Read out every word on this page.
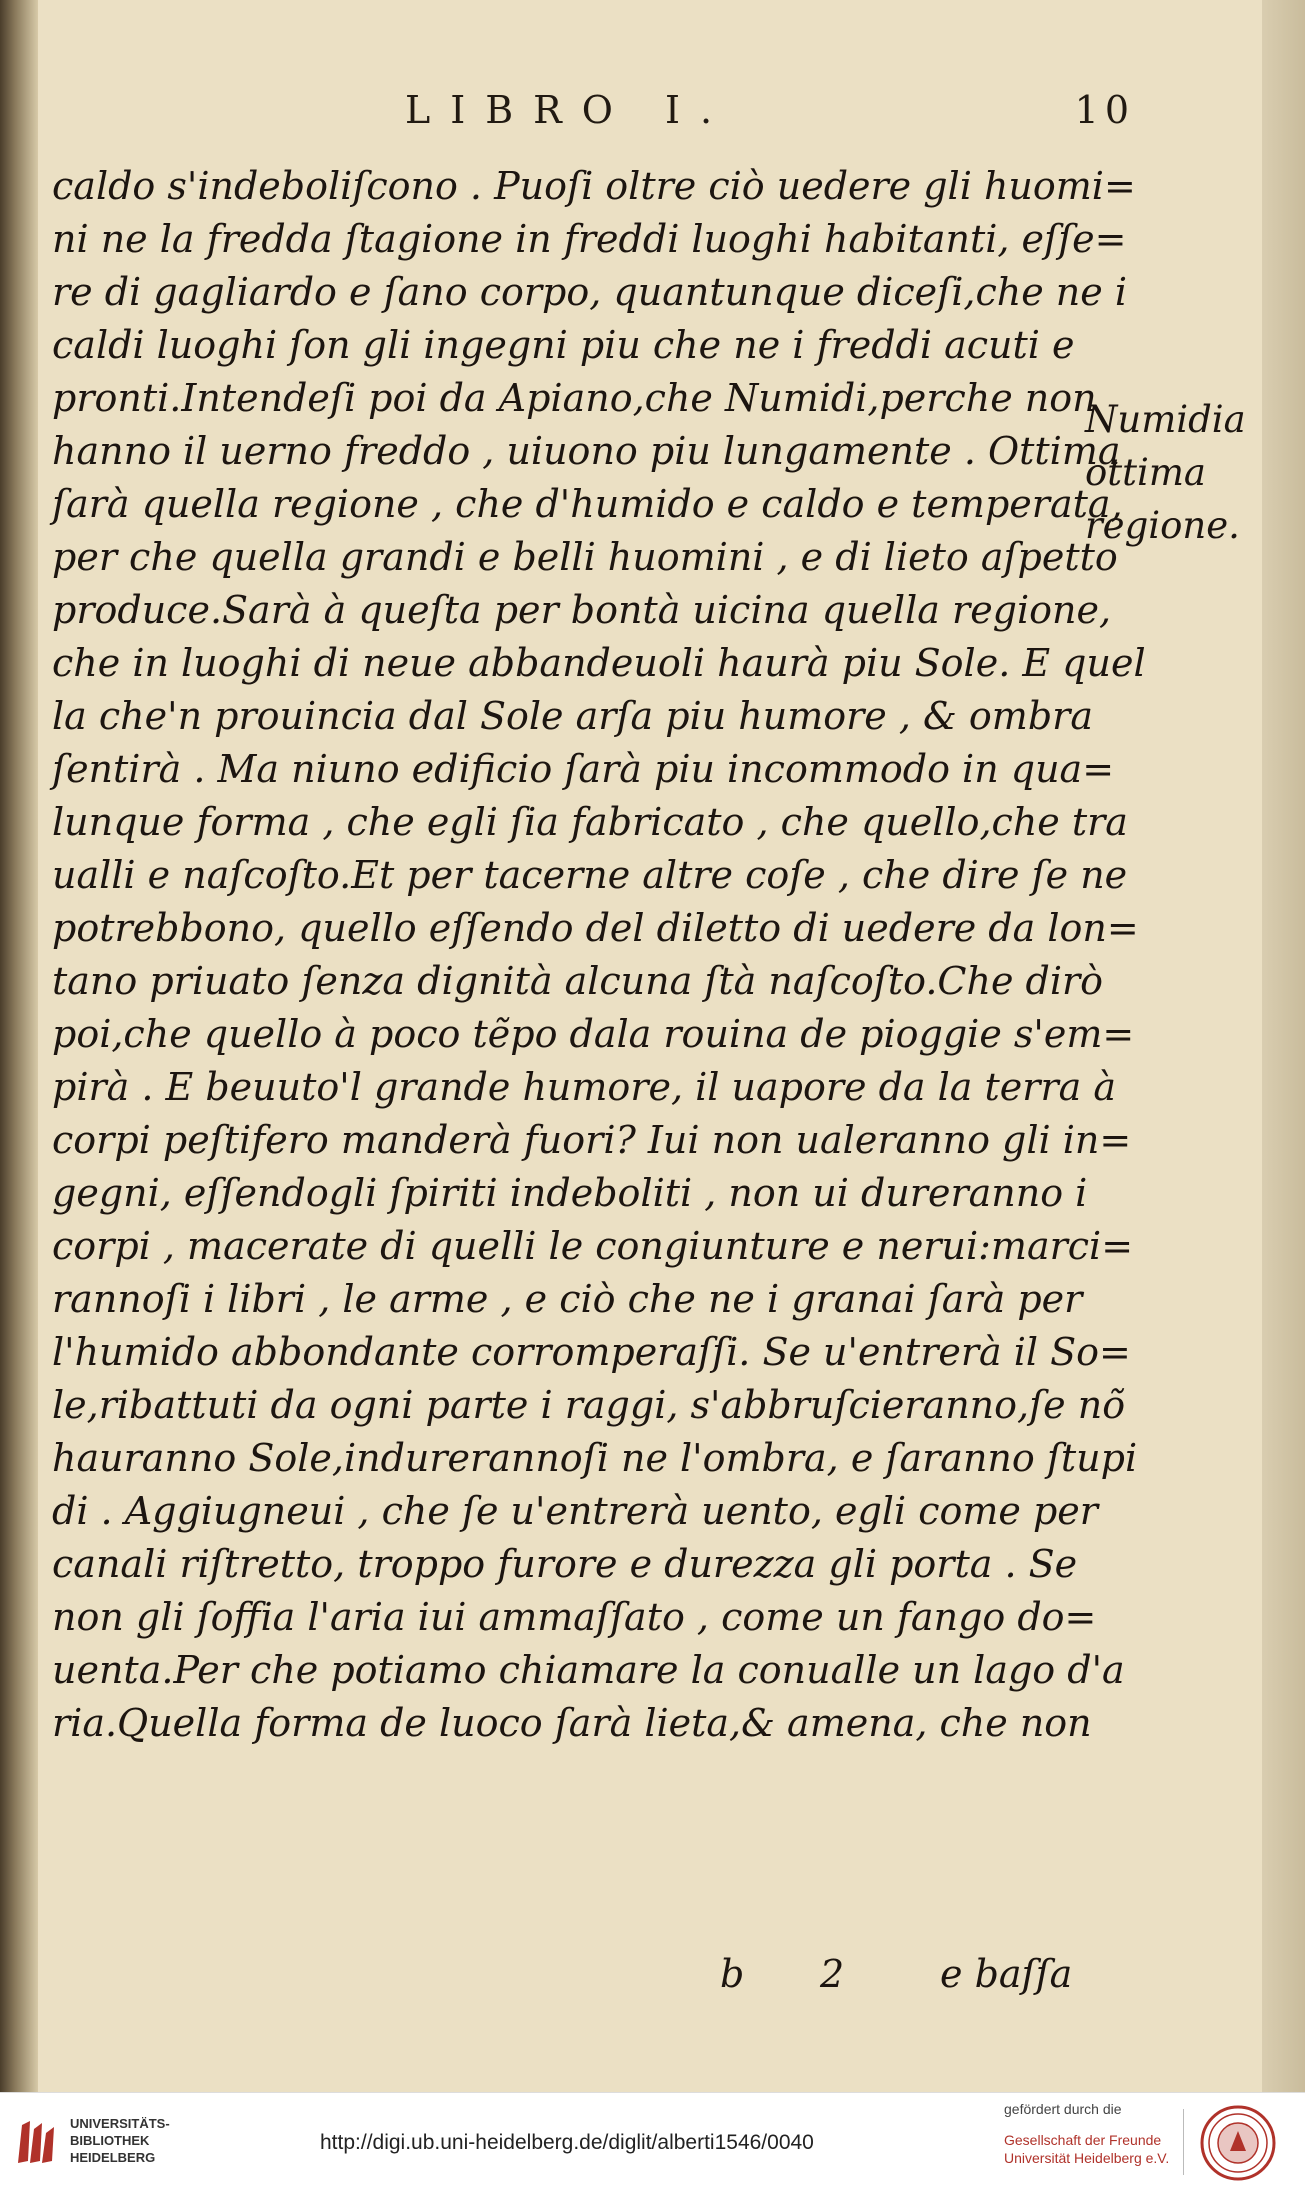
LIBRO I.	10
caldo s'indeboliſcono . Puoſi oltre ciò uedere gli huomi=
ni ne la fredda ſtagione in freddi luoghi habitanti, eſſe=
re di gagliardo e ſano corpo, quantunque diceſi,che ne i
caldi luoghi ſon gli ingegni piu che ne i freddi acuti e
pronti.Intendeſi poi da Apiano,che Numidi,perche non
hanno il uerno freddo , uiuono piu lungamente . Ottima
ſarà quella regione , che d'humido e caldo e temperata,
per che quella grandi e belli huomini , e di lieto aſpetto
produce.Sarà à queſta per bontà uicina quella regione,
che in luoghi di neue abbandeuoli haurà piu Sole. E quel
la che'n prouincia dal Sole arſa piu humore , & ombra
ſentirà . Ma niuno edificio ſarà piu incommodo in qua=
lunque forma , che egli ſia fabricato , che quello,che tra
ualli e naſcoſto.Et per tacerne altre coſe , che dire ſe ne
potrebbono, quello eſſendo del diletto di uedere da lon=
tano priuato ſenza dignità alcuna ſtà naſcoſto.Che dirò
poi,che quello à poco tẽpo dala rouina de pioggie s'em=
pirà . E beuuto'l grande humore, il uapore da la terra à
corpi peſtifero manderà fuori? Iui non ualeranno gli in=
gegni, eſſendogli ſpiriti indeboliti , non ui dureranno i
corpi , macerate di quelli le congiunture e nerui:marci=
rannoſi i libri , le arme , e ciò che ne i granai ſarà per
l'humido abbondante corromperaſſi. Se u'entrerà il So=
le,ribattuti da ogni parte i raggi, s'abbruſcieranno,ſe nõ
hauranno Sole,indurerannoſi ne l'ombra, e ſaranno ſtupi
di . Aggiugneui , che ſe u'entrerà uento, egli come per
canali riſtretto, troppo furore e durezza gli porta . Se
non gli ſoffia l'aria iui ammaſſato , come un fango do=
uenta.Per che potiamo chiamare la conualle un lago d'a
ria.Quella forma de luoco ſarà lieta,& amena, che non
Numidia
ottima
regione.
b 2	e baſſa
UNIVERSITÄTS-
BIBLIOTHEK
HEIDELBERG
http://digi.ub.uni-heidelberg.de/diglit/alberti1546/0040
gefördert durch die
Gesellschaft der Freunde
Universität Heidelberg e.V.
